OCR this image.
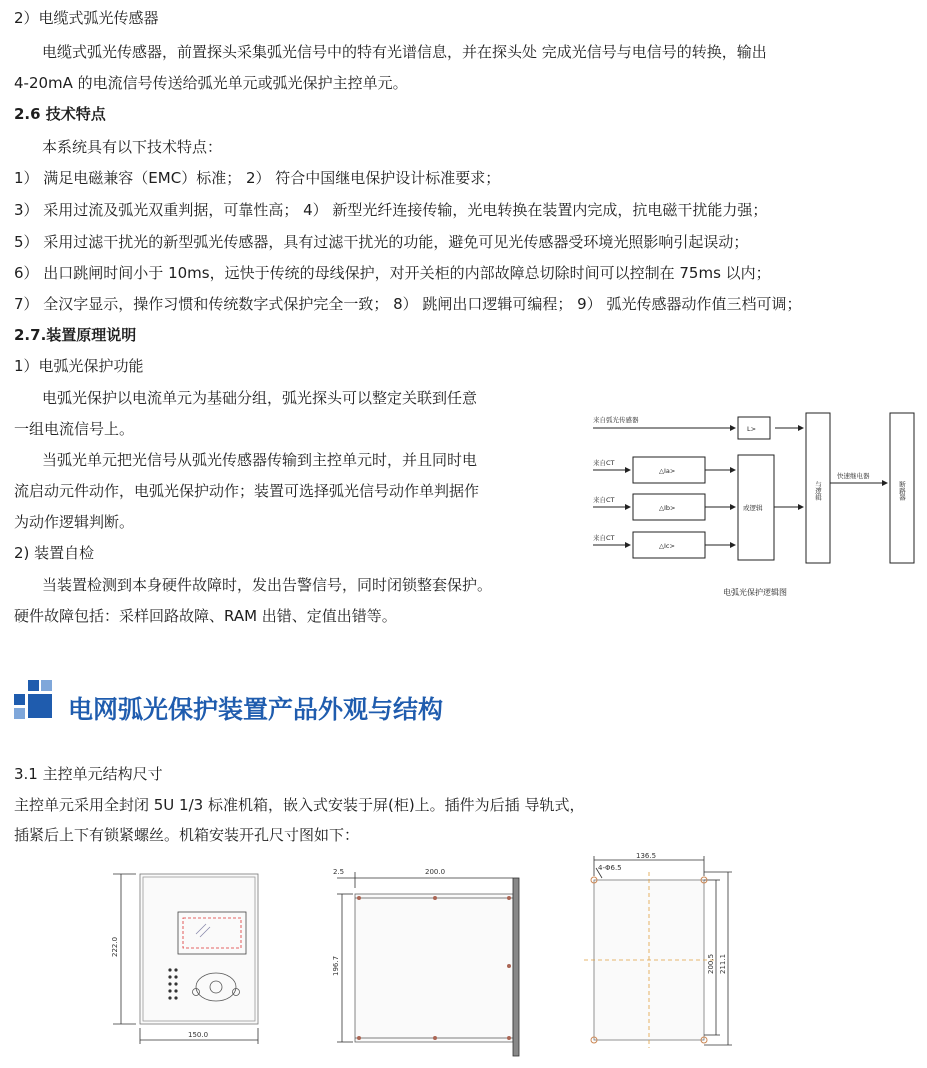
2）电缆式弧光传感器
电缆式弧光传感器，前置探头采集弧光信号中的特有光谱信息，并在探头处 完成光信号与电信号的转换，输出
4-20mA 的电流信号传送给弧光单元或弧光保护主控单元。
2.6 技术特点
本系统具有以下技术特点：
1） 满足电磁兼容（EMC）标准； 2） 符合中国继电保护设计标准要求；
3） 采用过流及弧光双重判据，可靠性高； 4） 新型光纤连接传输，光电转换在装置内完成，抗电磁干扰能力强；
5） 采用过滤干扰光的新型弧光传感器，具有过滤干扰光的功能，避免可见光传感器受环境光照影响引起误动；
6） 出口跳闸时间小于 10ms，远快于传统的母线保护，对开关柜的内部故障总切除时间可以控制在 75ms 以内；
7） 全汉字显示，操作习惯和传统数字式保护完全一致； 8） 跳闸出口逻辑可编程； 9） 弧光传感器动作值三档可调；
2.7.装置原理说明
1）电弧光保护功能
电弧光保护以电流单元为基础分组，弧光探头可以整定关联到任意
一组电流信号上。
当弧光单元把光信号从弧光传感器传输到主控单元时，并且同时电
流启动元件动作，电弧光保护动作；装置可选择弧光信号动作单判据作
为动作逻辑判断。
2) 装置自检
当装置检测到本身硬件故障时，发出告警信号，同时闭锁整套保护。
硬件故障包括：采样回路故障、RAM 出错、定值出错等。
来自弧光传感器
来自CT
来自CT
来自CT
L>
△Ia>
△Ib>
△Ic>
或逻辑
快速继电器
与逻辑	断路器
电弧光保护逻辑图
电网弧光保护装置产品外观与结构
3.1 主控单元结构尺寸
主控单元采用全封闭 5U 1/3 标准机箱，嵌入式安装于屏(柜)上。插件为后插 导轨式，
插紧后上下有锁紧螺丝。机箱安装开孔尺寸图如下：
222.0
150.0
2.5	200.0
196.7
136.5
4-Φ6.5
200.5 211.1
